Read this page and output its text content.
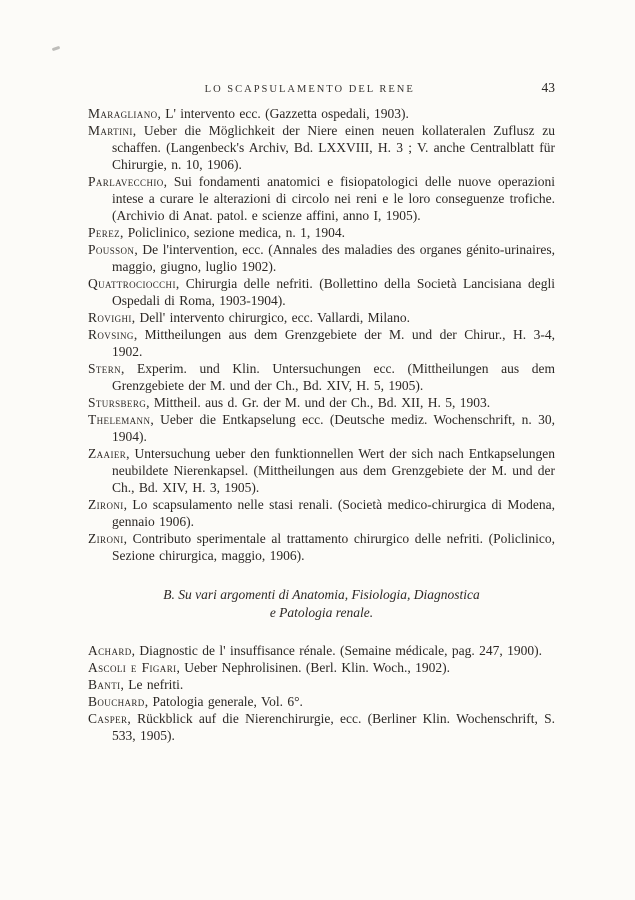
LO SCAPSULAMENTO DEL RENE	43

Maragliano, L' intervento ecc. (Gazzetta ospedali, 1903).

Martini, Ueber die Möglichkeit der Niere einen neuen kollateralen Zuflusz zu schaffen. (Langenbeck's Archiv, Bd. LXXVIII, H. 3 ; V. anche Centralblatt für Chirurgie, n. 10, 1906).

Parlavecchio, Sui fondamenti anatomici e fisiopatologici delle nuove operazioni intese a curare le alterazioni di circolo nei reni e le loro conseguenze trofiche. (Archivio di Anat. patol. e scienze affini, anno I, 1905).

Perez, Policlinico, sezione medica, n. 1, 1904.

Pousson, De l'intervention, ecc. (Annales des maladies des organes génito-urinaires, maggio, giugno, luglio 1902).

Quattrociocchi, Chirurgia delle nefriti. (Bollettino della Società Lancisiana degli Ospedali di Roma, 1903-1904).

Rovighi, Dell' intervento chirurgico, ecc. Vallardi, Milano.

Rovsing, Mittheilungen aus dem Grenzgebiete der M. und der Chirur., H. 3-4, 1902.

Stern, Experim. und Klin. Untersuchungen ecc. (Mittheilungen aus dem Grenzgebiete der M. und der Ch., Bd. XIV, H. 5, 1905).

Stursberg, Mittheil. aus d. Gr. der M. und der Ch., Bd. XII, H. 5, 1903.

Thelemann, Ueber die Entkapselung ecc. (Deutsche mediz. Wochenschrift, n. 30, 1904).

Zaaier, Untersuchung ueber den funktionnellen Wert der sich nach Entkapselungen neubildete Nierenkapsel. (Mittheilungen aus dem Grenzgebiete der M. und der Ch., Bd. XIV, H. 3, 1905).

Zironi, Lo scapsulamento nelle stasi renali. (Società medico-chirurgica di Modena, gennaio 1906).

Zironi, Contributo sperimentale al trattamento chirurgico delle nefriti. (Policlinico, Sezione chirurgica, maggio, 1906).

B. Su vari argomenti di Anatomia, Fisiologia, Diagnostica
e Patologia renale.

Achard, Diagnostic de l' insuffisance rénale. (Semaine médicale, pag. 247, 1900).

Ascoli e Figari, Ueber Nephrolisinen. (Berl. Klin. Woch., 1902).

Banti, Le nefriti.

Bouchard, Patologia generale, Vol. 6°.

Casper, Rückblick auf die Nierenchirurgie, ecc. (Berliner Klin. Wochenschrift, S. 533, 1905).
